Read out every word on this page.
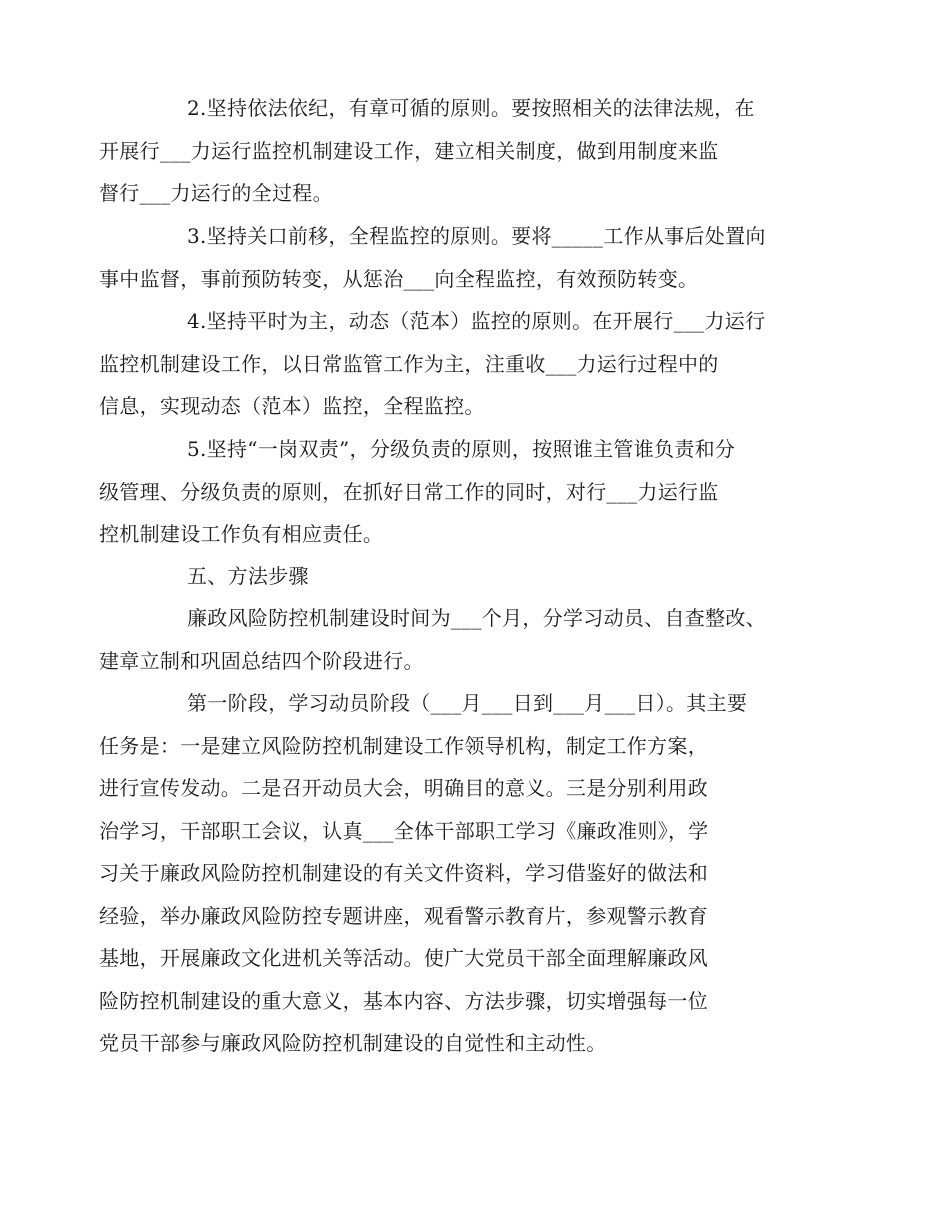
2.坚持依法依纪，有章可循的原则。要按照相关的法律法规，在
开展行___力运行监控机制建设工作，建立相关制度，做到用制度来监
督行___力运行的全过程。

3.坚持关口前移，全程监控的原则。要将_____工作从事后处置向
事中监督，事前预防转变，从惩治___向全程监控，有效预防转变。

4.坚持平时为主，动态（范本）监控的原则。在开展行___力运行
监控机制建设工作，以日常监管工作为主，注重收___力运行过程中的
信息，实现动态（范本）监控，全程监控。

5.坚持“一岗双责”，分级负责的原则，按照谁主管谁负责和分
级管理、分级负责的原则，在抓好日常工作的同时，对行___力运行监
控机制建设工作负有相应责任。

五、方法步骤

廉政风险防控机制建设时间为___个月，分学习动员、自查整改、
建章立制和巩固总结四个阶段进行。

第一阶段，学习动员阶段（___月___日到___月___日）。其主要
任务是：一是建立风险防控机制建设工作领导机构，制定工作方案，
进行宣传发动。二是召开动员大会，明确目的意义。三是分别利用政
治学习，干部职工会议，认真___全体干部职工学习《廉政准则》，学
习关于廉政风险防控机制建设的有关文件资料，学习借鉴好的做法和
经验，举办廉政风险防控专题讲座，观看警示教育片，参观警示教育
基地，开展廉政文化进机关等活动。使广大党员干部全面理解廉政风
险防控机制建设的重大意义，基本内容、方法步骤，切实增强每一位
党员干部参与廉政风险防控机制建设的自觉性和主动性。
